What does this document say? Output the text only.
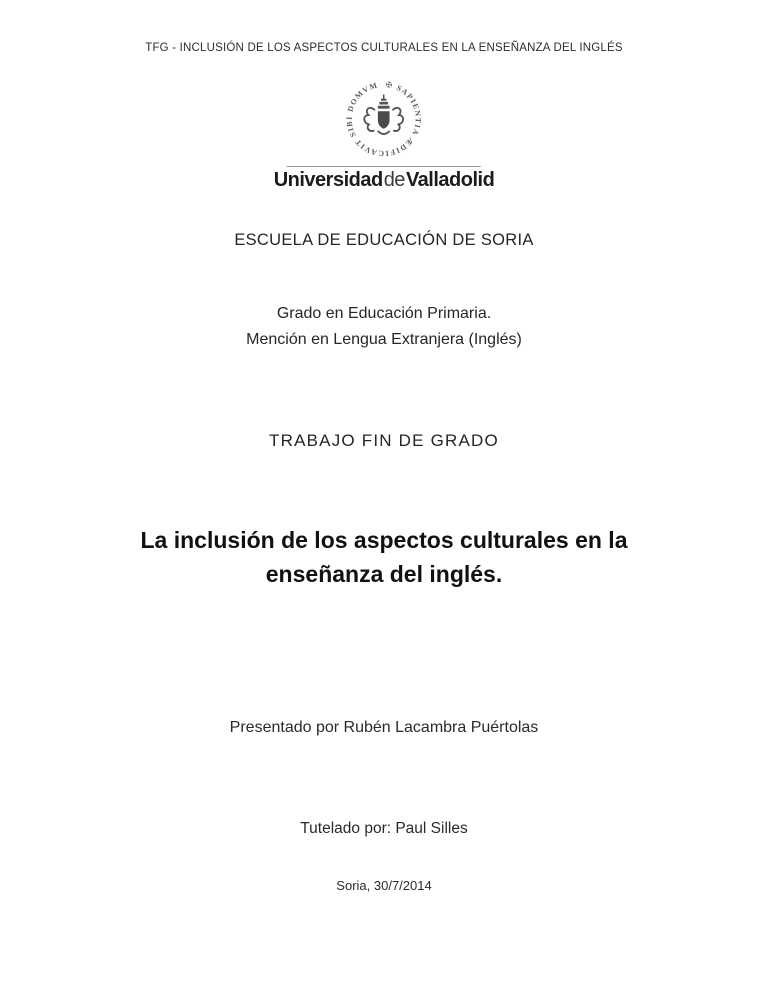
TFG - INCLUSIÓN DE LOS ASPECTOS CULTURALES EN LA ENSEÑANZA DEL INGLÉS
✠ SAPIENTIA ÆDIFICAVIT SIBI DOMVM
UniversidaddeValladolid
ESCUELA DE EDUCACIÓN DE SORIA
Grado en Educación Primaria.
Mención en Lengua Extranjera (Inglés)
TRABAJO FIN DE GRADO
La inclusión de los aspectos culturales en la
enseñanza del inglés.
Presentado por Rubén Lacambra Puértolas
Tutelado por: Paul Silles
Soria, 30/7/2014
